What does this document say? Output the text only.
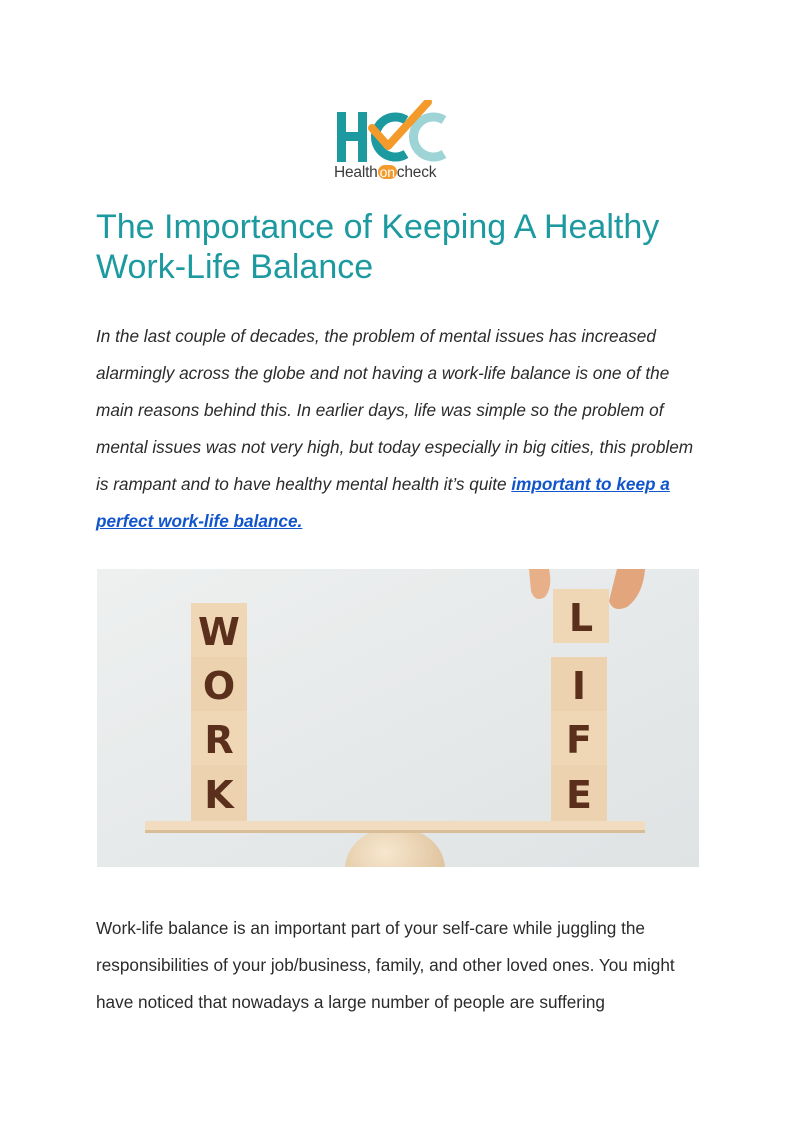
Health on check
The Importance of Keeping A Healthy Work-Life Balance

In the last couple of decades, the problem of mental issues has increased alarmingly across the globe and not having a work-life balance is one of the main reasons behind this. In earlier days, life was simple so the problem of mental issues was not very high, but today especially in big cities, this problem is rampant and to have healthy mental health it’s quite important to keep a perfect work-life balance.

W
O
R
K
L
I
F
E

Work-life balance is an important part of your self-care while juggling the responsibilities of your job/business, family, and other loved ones. You might have noticed that nowadays a large number of people are suffering
